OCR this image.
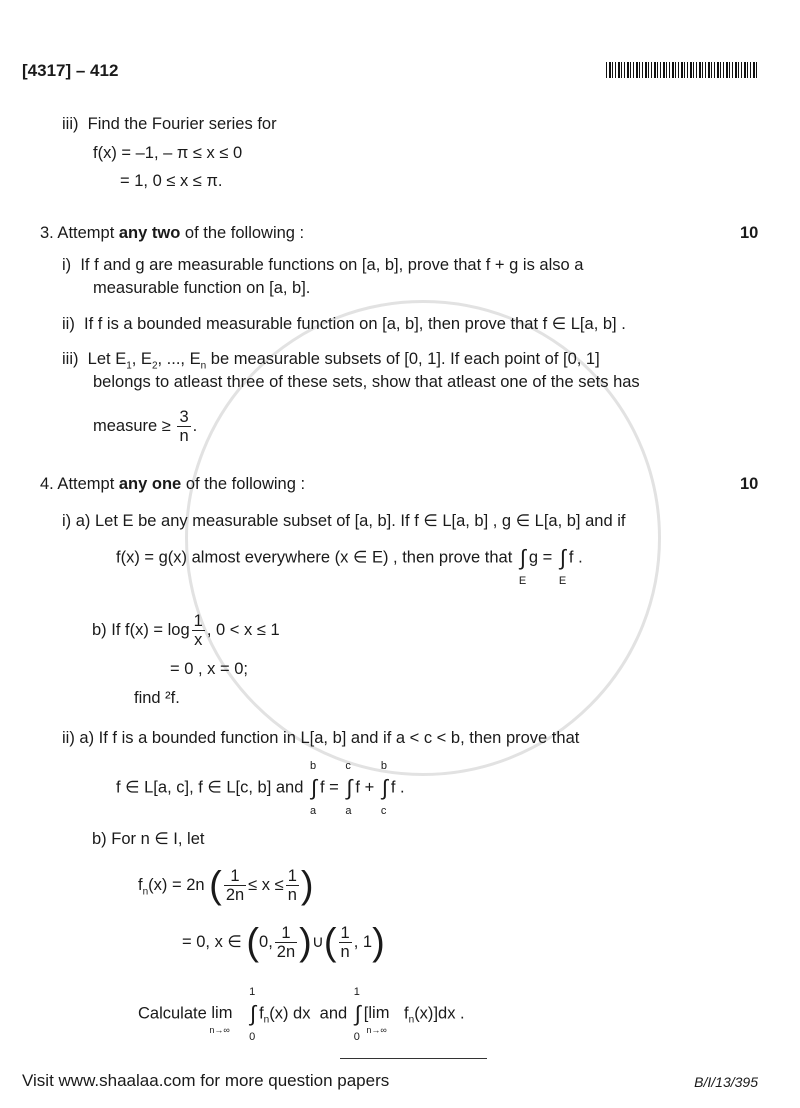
[4317] – 412
iii) Find the Fourier series for
f(x) = –1, – π ≤ x ≤ 0
= 1, 0 ≤ x ≤ π.
3. Attempt any two of the following :	10
i) If f and g are measurable functions on [a, b], prove that f + g is also a
measurable function on [a, b].
ii) If f is a bounded measurable function on [a, b], then prove that f ∈ L[a, b] .
iii) Let $E_1$, $E_2$, ..., $E_n$ be measurable subsets of [0, 1]. If each point of [0, 1]
belongs to atleast three of these sets, show that atleast one of the sets has
measure ≥ $\frac{3}{n}$ .
4. Attempt any one of the following :	10
i) a) Let E be any measurable subset of [a, b]. If f ∈ L[a, b] , g ∈ L[a, b] and if
f(x) = g(x) almost everywhere (x ∈ E) , then prove that ∫
E
g = ∫
E
f .
b) If $f(x) = \log \frac{1}{x}$ , 0 < x ≤ 1
= 0 , x = 0;
find ²f.
ii) a) If f is a bounded function in L[a, b] and if a < c < b, then prove that
f ∈ L[a, c], f ∈ L[c, b] and ∫
b
a
f = ∫
c
a
f + ∫
b
c
f .
b) For n ∈ I, let
$f_n(x) = 2n$ ( $\frac{1}{2n} \le x \le \frac{1}{n}$ )
= 0, x ∈ (0, $\frac{1}{2n}$ )∪( $\frac{1}{n}$ , 1)
Calculate lim
n→∞
∫
1
0
$f_n(x)$ dx and ∫
1
0
[lim
n→∞
$f_n(x)]dx$ .
Visit www.shaalaa.com for more question papers	B/I/13/395
